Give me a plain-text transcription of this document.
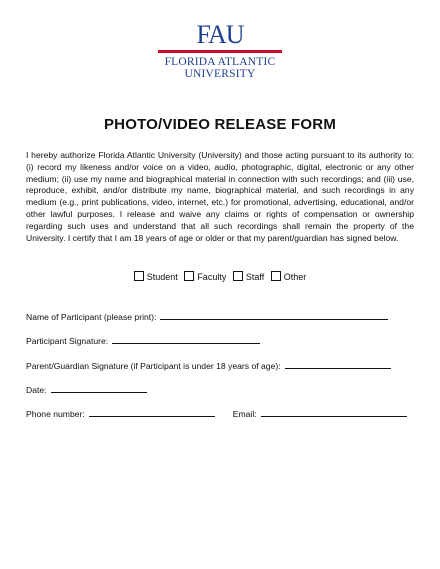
FAU
FLORIDA ATLANTIC
UNIVERSITY
PHOTO/VIDEO RELEASE FORM
I hereby authorize Florida Atlantic University (University) and those acting pursuant to its authority to: (i) record my likeness and/or voice on a video, audio, photographic, digital, electronic or any other medium; (ii) use my name and biographical material in connection with such recordings; and (iii) use, reproduce, exhibit, and/or distribute my name, biographical material, and such recordings in any medium (e.g., print publications, video, internet, etc.) for promotional, advertising, educational, and/or other lawful purposes. I release and waive any claims or rights of compensation or ownership regarding such uses and understand that all such recordings shall remain the property of the University. I certify that I am 18 years of age or older or that my parent/guardian has signed below.
Student Faculty Staff Other
Name of Participant (please print):
Participant Signature:
Parent/Guardian Signature (if Participant is under 18 years of age):
Date:
Phone number:	Email:
